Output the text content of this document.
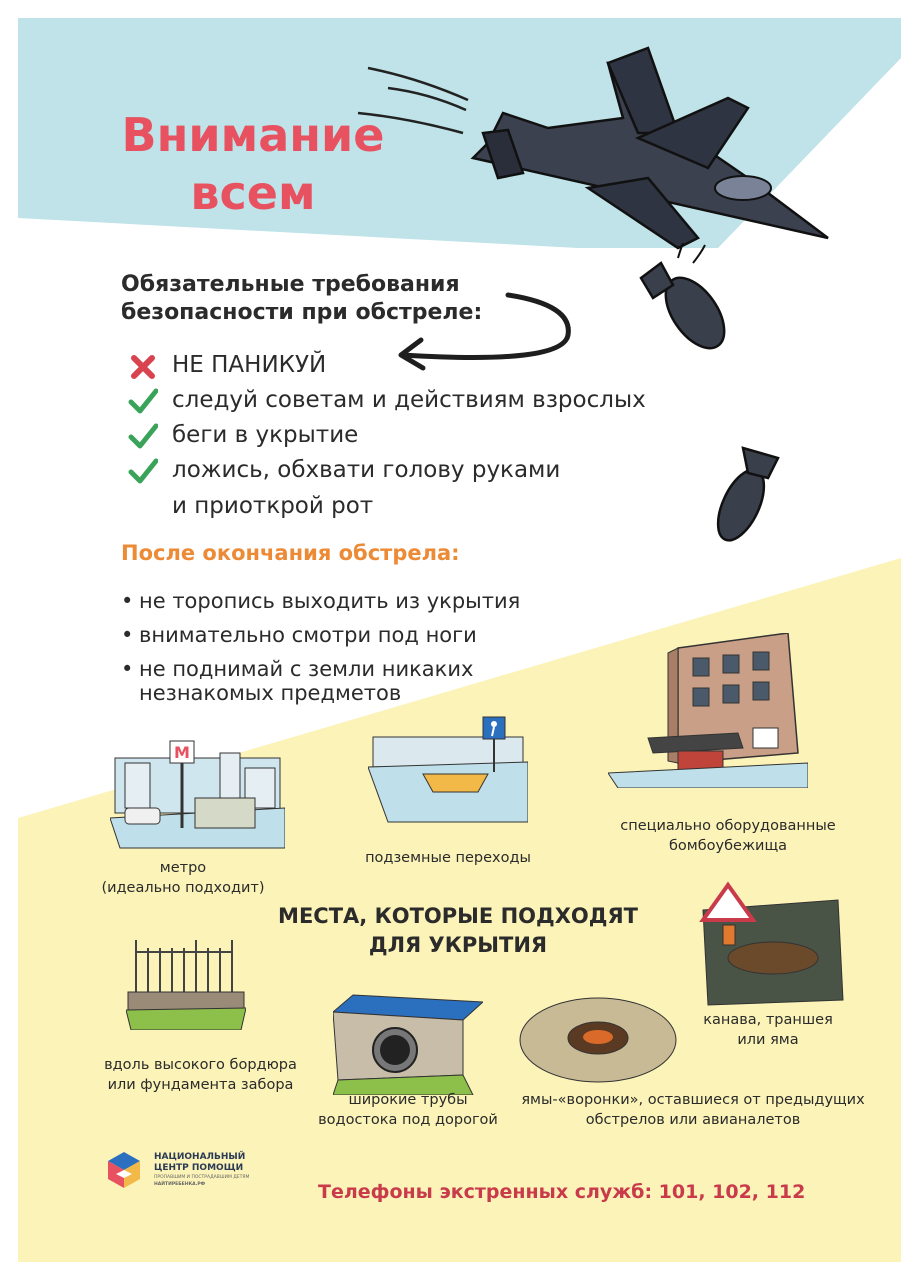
Внимание
всем
Обязательные требования
безопасности при обстреле:
НЕ ПАНИКУЙ
следуй советам и действиям взрослых
беги в укрытие
ложись, обхвати голову руками
и приоткрой рот
После окончания обстрела:
• не торопись выходить из укрытия
• внимательно смотри под ноги
• не поднимай с земли никаких
незнакомых предметов
М
метро
(идеально подходит)
подземные переходы
специально оборудованные
бомбоубежища
МЕСТА, КОТОРЫЕ ПОДХОДЯТ
ДЛЯ УКРЫТИЯ
канава, траншея
или яма
вдоль высокого бордюра
или фундамента забора
широкие трубы
водостока под дорогой
ямы-«воронки», оставшиеся от предыдущих
обстрелов или авианалетов
НАЦИОНАЛЬНЫЙ
ЦЕНТР ПОМОЩИ
ПРОПАВШИМ И ПОСТРАДАВШИМ ДЕТЯМ
НАЙТИРЕБЕНКА.РФ	Телефоны экстренных служб: 101, 102, 112
